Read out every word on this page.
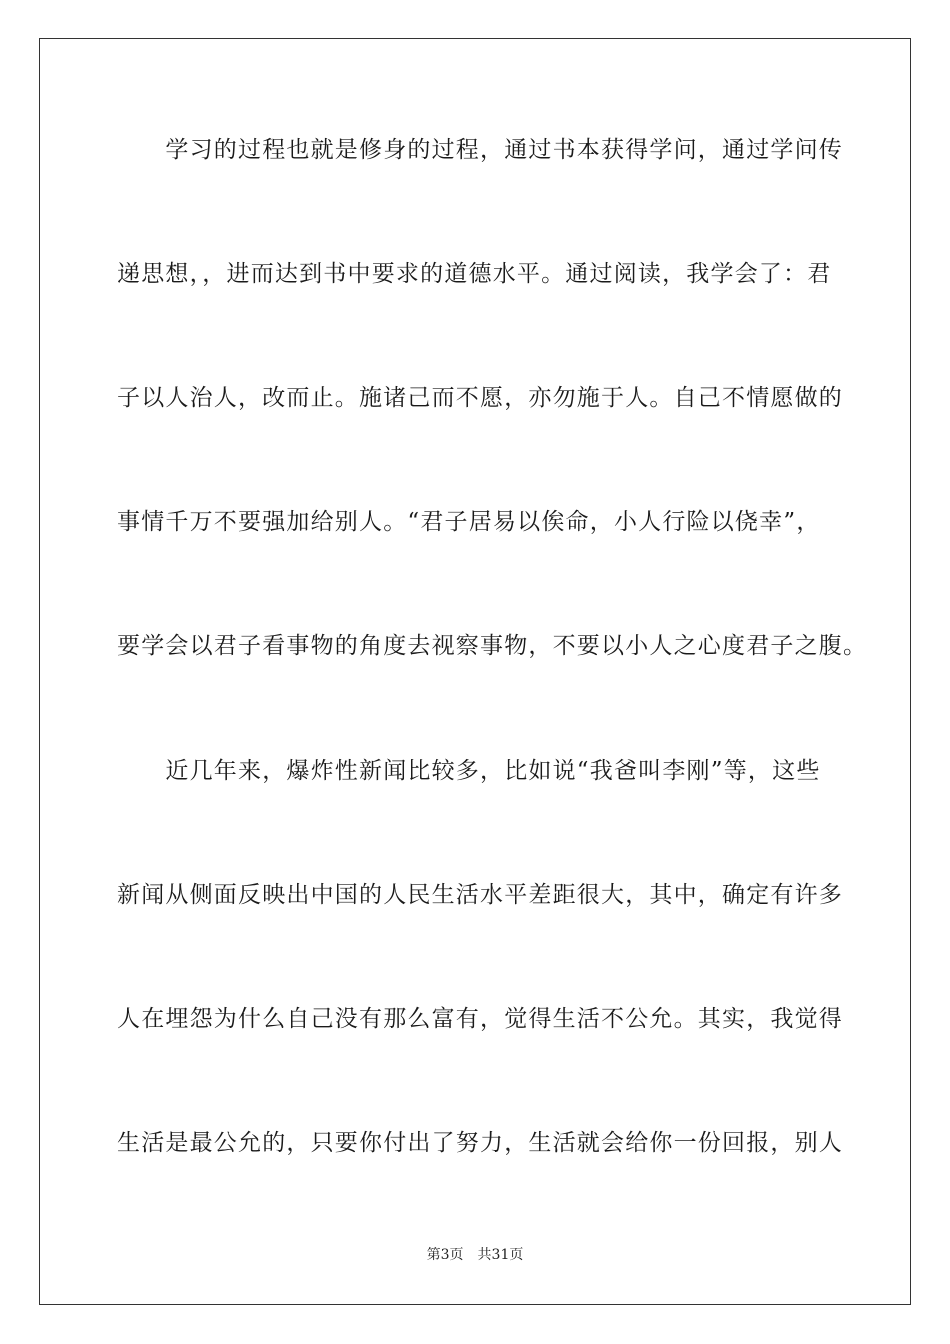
　　学习的过程也就是修身的过程，通过书本获得学问，通过学问传
递思想，，进而达到书中要求的道德水平。通过阅读，我学会了：君
子以人治人，改而止。施诸己而不愿，亦勿施于人。自己不情愿做的
事情千万不要强加给别人。“君子居易以俟命，小人行险以侥幸”，
要学会以君子看事物的角度去视察事物，不要以小人之心度君子之腹。
　　近几年来，爆炸性新闻比较多，比如说“我爸叫李刚”等，这些
新闻从侧面反映出中国的人民生活水平差距很大，其中，确定有许多
人在埋怨为什么自己没有那么富有，觉得生活不公允。其实，我觉得
生活是最公允的，只要你付出了努力，生活就会给你一份回报，别人
第3页　共31页
